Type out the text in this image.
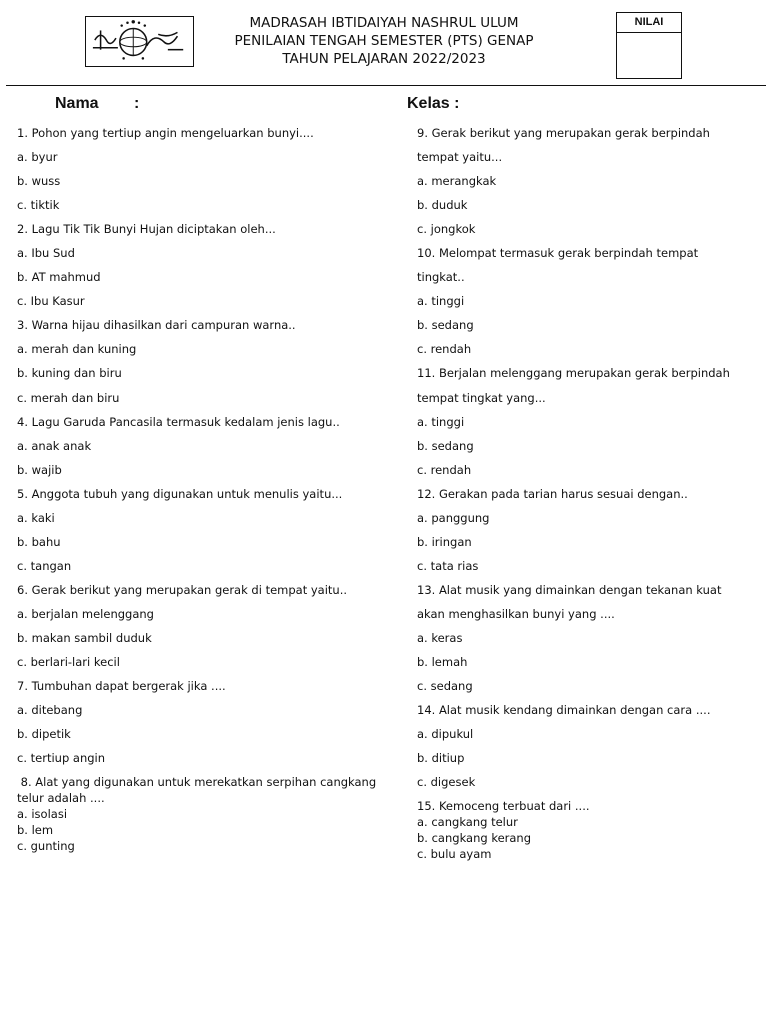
MADRASAH IBTIDAIYAH NASHRUL ULUM
PENILAIAN TENGAH SEMESTER (PTS) GENAP
TAHUN PELAJARAN 2022/2023
NILAI
Nama :	Kelas :
1. Pohon yang tertiup angin mengeluarkan bunyi....
a. byur
b. wuss
c. tiktik
2. Lagu Tik Tik Bunyi Hujan diciptakan oleh...
a. Ibu Sud
b. AT mahmud
c. Ibu Kasur
3. Warna hijau dihasilkan dari campuran warna..
a. merah dan kuning
b. kuning dan biru
c. merah dan biru
4. Lagu Garuda Pancasila termasuk kedalam jenis lagu..
a. anak anak
b. wajib
5. Anggota tubuh yang digunakan untuk menulis yaitu...
a. kaki
b. bahu
c. tangan
6. Gerak berikut yang merupakan gerak di tempat yaitu..
a. berjalan melenggang
b. makan sambil duduk
c. berlari-lari kecil
7. Tumbuhan dapat bergerak jika ....
a. ditebang
b. dipetik
c. tertiup angin
8. Alat yang digunakan untuk merekatkan serpihan cangkang
telur adalah ....
a. isolasi
b. lem
c. gunting
9. Gerak berikut yang merupakan gerak berpindah
tempat yaitu...
a. merangkak
b. duduk
c. jongkok
10. Melompat termasuk gerak berpindah tempat
tingkat..
a. tinggi
b. sedang
c. rendah
11. Berjalan melenggang merupakan gerak berpindah
tempat tingkat yang...
a. tinggi
b. sedang
c. rendah
12. Gerakan pada tarian harus sesuai dengan..
a. panggung
b. iringan
c. tata rias
13. Alat musik yang dimainkan dengan tekanan kuat
akan menghasilkan bunyi yang ....
a. keras
b. lemah
c. sedang
14. Alat musik kendang dimainkan dengan cara ....
a. dipukul
b. ditiup
c. digesek
15. Kemoceng terbuat dari ....
a. cangkang telur
b. cangkang kerang
c. bulu ayam
